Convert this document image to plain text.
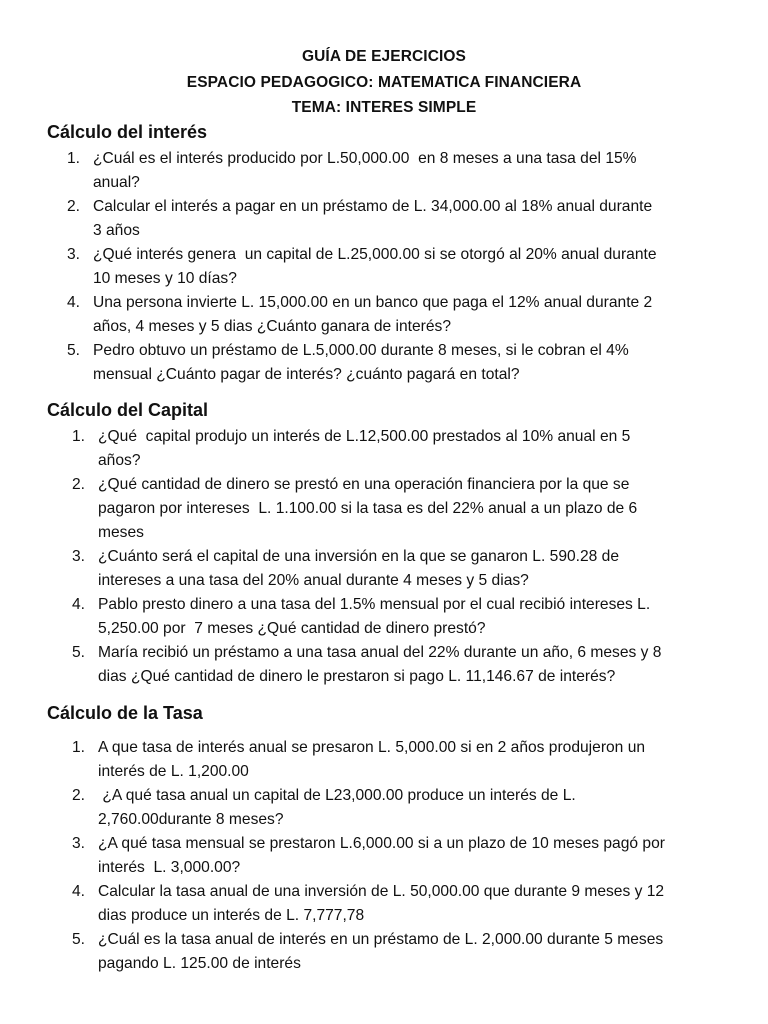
GUÍA DE EJERCICIOS
ESPACIO PEDAGOGICO: MATEMATICA FINANCIERA
TEMA: INTERES SIMPLE
Cálculo del interés
1. ¿Cuál es el interés producido por L.50,000.00  en 8 meses a una tasa del 15%
anual?
2. Calcular el interés a pagar en un préstamo de L. 34,000.00 al 18% anual durante
3 años
3. ¿Qué interés genera  un capital de L.25,000.00 si se otorgó al 20% anual durante
10 meses y 10 días?
4. Una persona invierte L. 15,000.00 en un banco que paga el 12% anual durante 2
años, 4 meses y 5 dias ¿Cuánto ganara de interés?
5. Pedro obtuvo un préstamo de L.5,000.00 durante 8 meses, si le cobran el 4%
mensual ¿Cuánto pagar de interés? ¿cuánto pagará en total?
Cálculo del Capital
1. ¿Qué  capital produjo un interés de L.12,500.00 prestados al 10% anual en 5
años?
2. ¿Qué cantidad de dinero se prestó en una operación financiera por la que se
pagaron por intereses  L. 1.100.00 si la tasa es del 22% anual a un plazo de 6
meses
3. ¿Cuánto será el capital de una inversión en la que se ganaron L. 590.28 de
intereses a una tasa del 20% anual durante 4 meses y 5 dias?
4. Pablo presto dinero a una tasa del 1.5% mensual por el cual recibió intereses L.
5,250.00 por  7 meses ¿Qué cantidad de dinero prestó?
5. María recibió un préstamo a una tasa anual del 22% durante un año, 6 meses y 8
dias ¿Qué cantidad de dinero le prestaron si pago L. 11,146.67 de interés?
Cálculo de la Tasa
1. A que tasa de interés anual se presaron L. 5,000.00 si en 2 años produjeron un
interés de L. 1,200.00
2. ¿A qué tasa anual un capital de L23,000.00 produce un interés de L.
2,760.00durante 8 meses?
3. ¿A qué tasa mensual se prestaron L.6,000.00 si a un plazo de 10 meses pagó por
interés  L. 3,000.00?
4. Calcular la tasa anual de una inversión de L. 50,000.00 que durante 9 meses y 12
dias produce un interés de L. 7,777,78
5. ¿Cuál es la tasa anual de interés en un préstamo de L. 2,000.00 durante 5 meses
pagando L. 125.00 de interés
